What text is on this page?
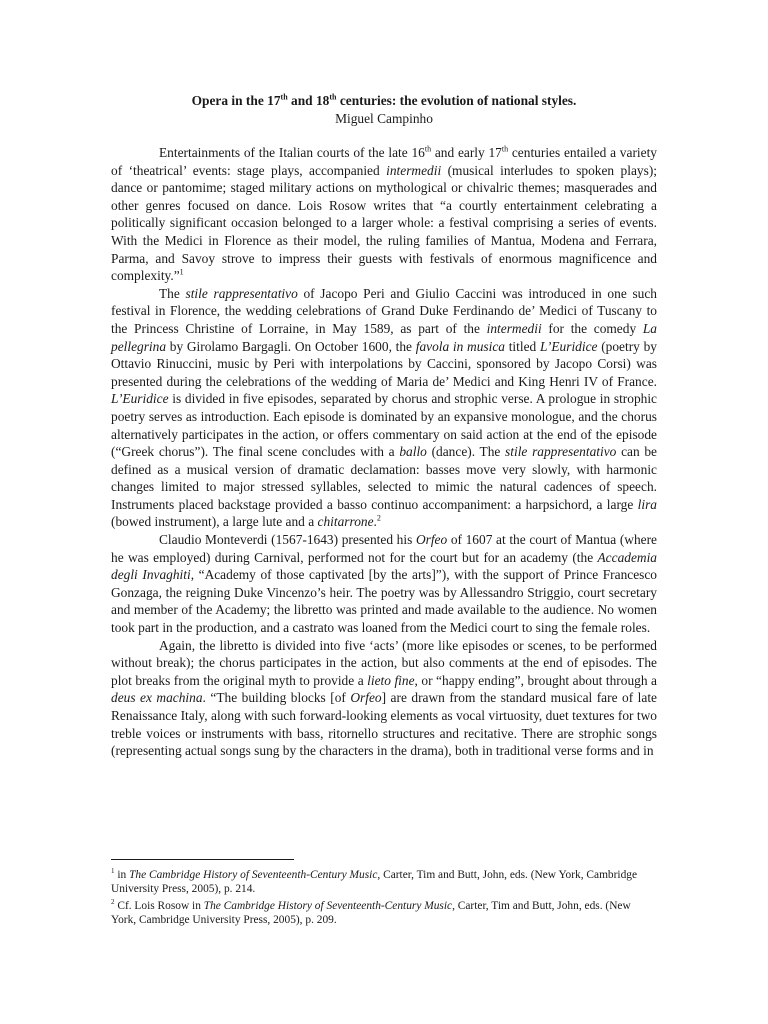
Opera in the 17th and 18th centuries: the evolution of national styles.
Miguel Campinho

Entertainments of the Italian courts of the late 16th and early 17th centuries entailed a variety of ‘theatrical’ events: stage plays, accompanied intermedii (musical interludes to spoken plays); dance or pantomime; staged military actions on mythological or chivalric themes; masquerades and other genres focused on dance. Lois Rosow writes that “a courtly entertainment celebrating a politically significant occasion belonged to a larger whole: a festival comprising a series of events. With the Medici in Florence as their model, the ruling families of Mantua, Modena and Ferrara, Parma, and Savoy strove to impress their guests with festivals of enormous magnificence and complexity.”$^1$

The stile rappresentativo of Jacopo Peri and Giulio Caccini was introduced in one such festival in Florence, the wedding celebrations of Grand Duke Ferdinando de’ Medici of Tuscany to the Princess Christine of Lorraine, in May 1589, as part of the intermedii for the comedy La pellegrina by Girolamo Bargagli. On October 1600, the favola in musica titled L’Euridice (poetry by Ottavio Rinuccini, music by Peri with interpolations by Caccini, sponsored by Jacopo Corsi) was presented during the celebrations of the wedding of Maria de’ Medici and King Henri IV of France. L’Euridice is divided in five episodes, separated by chorus and strophic verse. A prologue in strophic poetry serves as introduction. Each episode is dominated by an expansive monologue, and the chorus alternatively participates in the action, or offers commentary on said action at the end of the episode (“Greek chorus”). The final scene concludes with a ballo (dance). The stile rappresentativo can be defined as a musical version of dramatic declamation: basses move very slowly, with harmonic changes limited to major stressed syllables, selected to mimic the natural cadences of speech. Instruments placed backstage provided a basso continuo accompaniment: a harpsichord, a large lira (bowed instrument), a large lute and a chitarrone.$^2$

Claudio Monteverdi (1567-1643) presented his Orfeo of 1607 at the court of Mantua (where he was employed) during Carnival, performed not for the court but for an academy (the Accademia degli Invaghiti, “Academy of those captivated [by the arts]”), with the support of Prince Francesco Gonzaga, the reigning Duke Vincenzo’s heir. The poetry was by Allessandro Striggio, court secretary and member of the Academy; the libretto was printed and made available to the audience. No women took part in the production, and a castrato was loaned from the Medici court to sing the female roles.

Again, the libretto is divided into five ‘acts’ (more like episodes or scenes, to be performed without break); the chorus participates in the action, but also comments at the end of episodes. The plot breaks from the original myth to provide a lieto fine, or “happy ending”, brought about through a deus ex machina. “The building blocks [of Orfeo] are drawn from the standard musical fare of late Renaissance Italy, along with such forward-looking elements as vocal virtuosity, duet textures for two treble voices or instruments with bass, ritornello structures and recitative. There are strophic songs (representing actual songs sung by the characters in the drama), both in traditional verse forms and in

$^1$ in The Cambridge History of Seventeenth-Century Music, Carter, Tim and Butt, John, eds. (New York, Cambridge University Press, 2005), p. 214.
$^2$ Cf. Lois Rosow in The Cambridge History of Seventeenth-Century Music, Carter, Tim and Butt, John, eds. (New York, Cambridge University Press, 2005), p. 209.
